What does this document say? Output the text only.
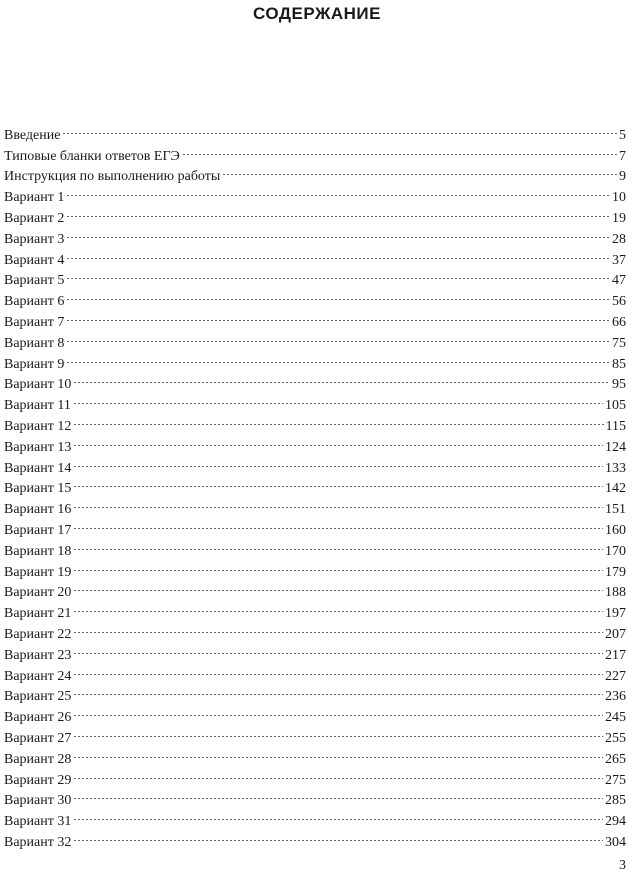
СОДЕРЖАНИЕ
Введение	5
Типовые бланки ответов ЕГЭ	7
Инструкция по выполнению работы	9
Вариант 1	10
Вариант 2	19
Вариант 3	28
Вариант 4	37
Вариант 5	47
Вариант 6	56
Вариант 7	66
Вариант 8	75
Вариант 9	85
Вариант 10	95
Вариант 11	105
Вариант 12	115
Вариант 13	124
Вариант 14	133
Вариант 15	142
Вариант 16	151
Вариант 17	160
Вариант 18	170
Вариант 19	179
Вариант 20	188
Вариант 21	197
Вариант 22	207
Вариант 23	217
Вариант 24	227
Вариант 25	236
Вариант 26	245
Вариант 27	255
Вариант 28	265
Вариант 29	275
Вариант 30	285
Вариант 31	294
Вариант 32	304
3
